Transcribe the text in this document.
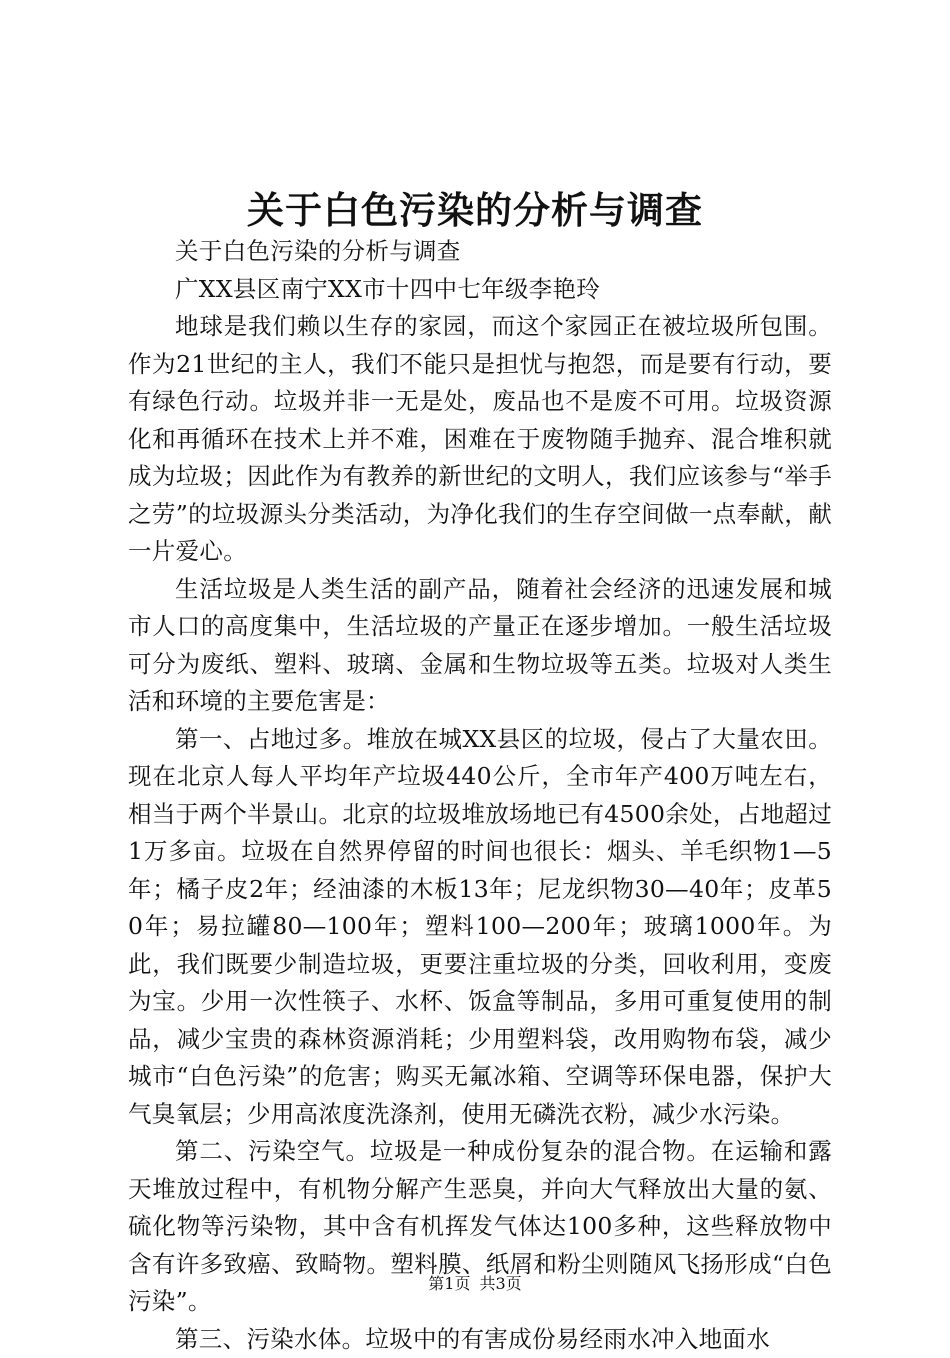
关于白色污染的分析与调查

关于白色污染的分析与调查

广XX县区南宁XX市十四中七年级李艳玲

地球是我们赖以生存的家园，而这个家园正在被垃圾所包围。作为21世纪的主人，我们不能只是担忧与抱怨，而是要有行动，要有绿色行动。垃圾并非一无是处，废品也不是废不可用。垃圾资源化和再循环在技术上并不难，困难在于废物随手抛弃、混合堆积就成为垃圾；因此作为有教养的新世纪的文明人，我们应该参与“举手之劳”的垃圾源头分类活动，为净化我们的生存空间做一点奉献，献一片爱心。

生活垃圾是人类生活的副产品，随着社会经济的迅速发展和城市人口的高度集中，生活垃圾的产量正在逐步增加。一般生活垃圾可分为废纸、塑料、玻璃、金属和生物垃圾等五类。垃圾对人类生活和环境的主要危害是：

第一、占地过多。堆放在城XX县区的垃圾，侵占了大量农田。现在北京人每人平均年产垃圾440公斤，全市年产400万吨左右，相当于两个半景山。北京的垃圾堆放场地已有4500余处，占地超过1万多亩。垃圾在自然界停留的时间也很长：烟头、羊毛织物1—5年；橘子皮2年；经油漆的木板13年；尼龙织物30—40年；皮革50年；易拉罐80—100年；塑料100—200年；玻璃1000年。为此，我们既要少制造垃圾，更要注重垃圾的分类，回收利用，变废为宝。少用一次性筷子、水杯、饭盒等制品，多用可重复使用的制品，减少宝贵的森林资源消耗；少用塑料袋，改用购物布袋，减少城市“白色污染”的危害；购买无氟冰箱、空调等环保电器，保护大气臭氧层；少用高浓度洗涤剂，使用无磷洗衣粉，减少水污染。

第二、污染空气。垃圾是一种成份复杂的混合物。在运输和露天堆放过程中，有机物分解产生恶臭，并向大气释放出大量的氨、硫化物等污染物，其中含有机挥发气体达100多种，这些释放物中含有许多致癌、致畸物。塑料膜、纸屑和粉尘则随风飞扬形成“白色污染”。

第三、污染水体。垃圾中的有害成份易经雨水冲入地面水

第1页 共3页
